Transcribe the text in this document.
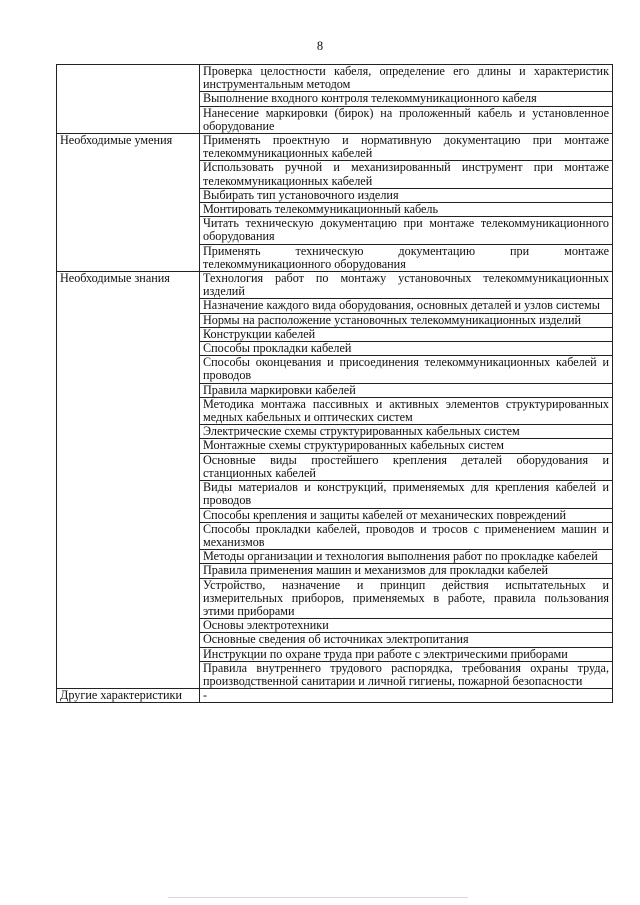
8
	Проверка целостности кабеля, определение его длины и характеристик инструментальным методом
	Выполнение входного контроля телекоммуникационного кабеля
	Нанесение маркировки (бирок) на проложенный кабель и установленное оборудование
Необходимые умения	Применять проектную и нормативную документацию при монтаже телекоммуникационных кабелей
	Использовать ручной и механизированный инструмент при монтаже телекоммуникационных кабелей
	Выбирать тип установочного изделия
	Монтировать телекоммуникационный кабель
	Читать техническую документацию при монтаже телекоммуникационного оборудования
	Применять техническую документацию при монтаже телекоммуникационного оборудования
Необходимые знания	Технология работ по монтажу установочных телекоммуникационных изделий
	Назначение каждого вида оборудования, основных деталей и узлов системы
	Нормы на расположение установочных телекоммуникационных изделий
	Конструкции кабелей
	Способы прокладки кабелей
	Способы оконцевания и присоединения телекоммуникационных кабелей и проводов
	Правила маркировки кабелей
	Методика монтажа пассивных и активных элементов структурированных медных кабельных и оптических систем
	Электрические схемы структурированных кабельных систем
	Монтажные схемы структурированных кабельных систем
	Основные виды простейшего крепления деталей оборудования и станционных кабелей
	Виды материалов и конструкций, применяемых для крепления кабелей и проводов
	Способы крепления и защиты кабелей от механических повреждений
	Способы прокладки кабелей, проводов и тросов с применением машин и механизмов
	Методы организации и технология выполнения работ по прокладке кабелей
	Правила применения машин и механизмов для прокладки кабелей
	Устройство, назначение и принцип действия испытательных и измерительных приборов, применяемых в работе, правила пользования этими приборами
	Основы электротехники
	Основные сведения об источниках электропитания
	Инструкции по охране труда при работе с электрическими приборами
	Правила внутреннего трудового распорядка, требования охраны труда, производственной санитарии и личной гигиены, пожарной безопасности
Другие характеристики	-
